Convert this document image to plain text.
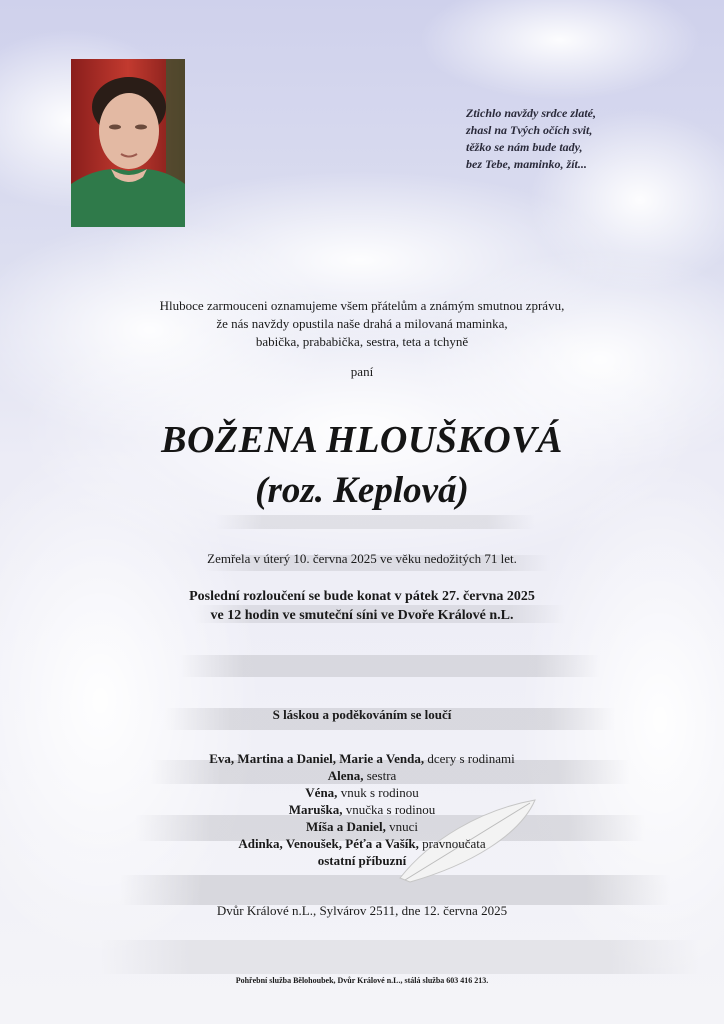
Ztichlo navždy srdce zlaté,
zhasl na Tvých očích svit,
těžko se nám bude tady,
bez Tebe, maminko, žít...
Hluboce zarmouceni oznamujeme všem přátelům a známým smutnou zprávu,
že nás navždy opustila naše drahá a milovaná maminka,
babička, prababička, sestra, teta a tchyně
paní
BOŽENA HLOUŠKOVÁ
(roz. Keplová)
Zemřela v úterý 10. června 2025 ve věku nedožitých 71 let.
Poslední rozloučení se bude konat v pátek 27. června 2025
ve 12 hodin ve smuteční síni ve Dvoře Králové n.L.
S láskou a poděkováním se loučí
Eva, Martina a Daniel, Marie a Venda, dcery s rodinami
Alena, sestra
Véna, vnuk s rodinou
Maruška, vnučka s rodinou
Míša a Daniel, vnuci
Adinka, Venoušek, Péťa a Vašík, pravnoučata
ostatní příbuzní
Dvůr Králové n.L., Sylvárov 2511, dne 12. června 2025
Pohřební služba Bělohoubek, Dvůr Králové n.L., stálá služba 603 416 213.
